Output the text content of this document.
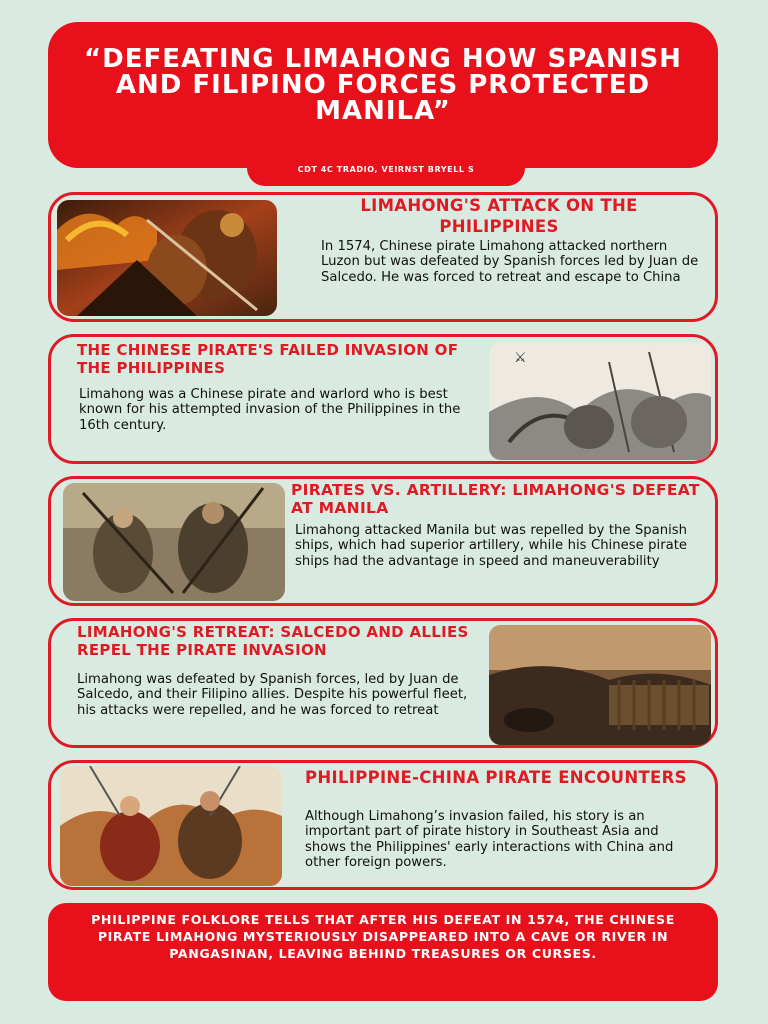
“DEFEATING LIMAHONG HOW SPANISH AND FILIPINO FORCES PROTECTED MANILA”
CDT 4C TRADIO, VEIRNST BRYELL S
LIMAHONG'S ATTACK ON THE PHILIPPINES
In 1574, Chinese pirate Limahong attacked northern Luzon but was defeated by Spanish forces led by Juan de Salcedo. He was forced to retreat and escape to China
THE CHINESE PIRATE'S FAILED INVASION OF THE PHILIPPINES
Limahong was a Chinese pirate and warlord who is best known for his attempted invasion of the Philippines in the 16th century.
⚔
PIRATES VS. ARTILLERY: LIMAHONG'S DEFEAT AT MANILA
Limahong attacked Manila but was repelled by the Spanish ships, which had superior artillery, while his Chinese pirate ships had the advantage in speed and maneuverability
LIMAHONG'S RETREAT: SALCEDO AND ALLIES REPEL THE PIRATE INVASION
Limahong was defeated by Spanish forces, led by Juan de Salcedo, and their Filipino allies. Despite his powerful fleet, his attacks were repelled, and he was forced to retreat
PHILIPPINE-CHINA PIRATE ENCOUNTERS
Although Limahong’s invasion failed, his story is an important part of pirate history in Southeast Asia and shows the Philippines' early interactions with China and other foreign powers.
PHILIPPINE FOLKLORE TELLS THAT AFTER HIS DEFEAT IN 1574, THE CHINESE PIRATE LIMAHONG MYSTERIOUSLY DISAPPEARED INTO A CAVE OR RIVER IN PANGASINAN, LEAVING BEHIND TREASURES OR CURSES.
